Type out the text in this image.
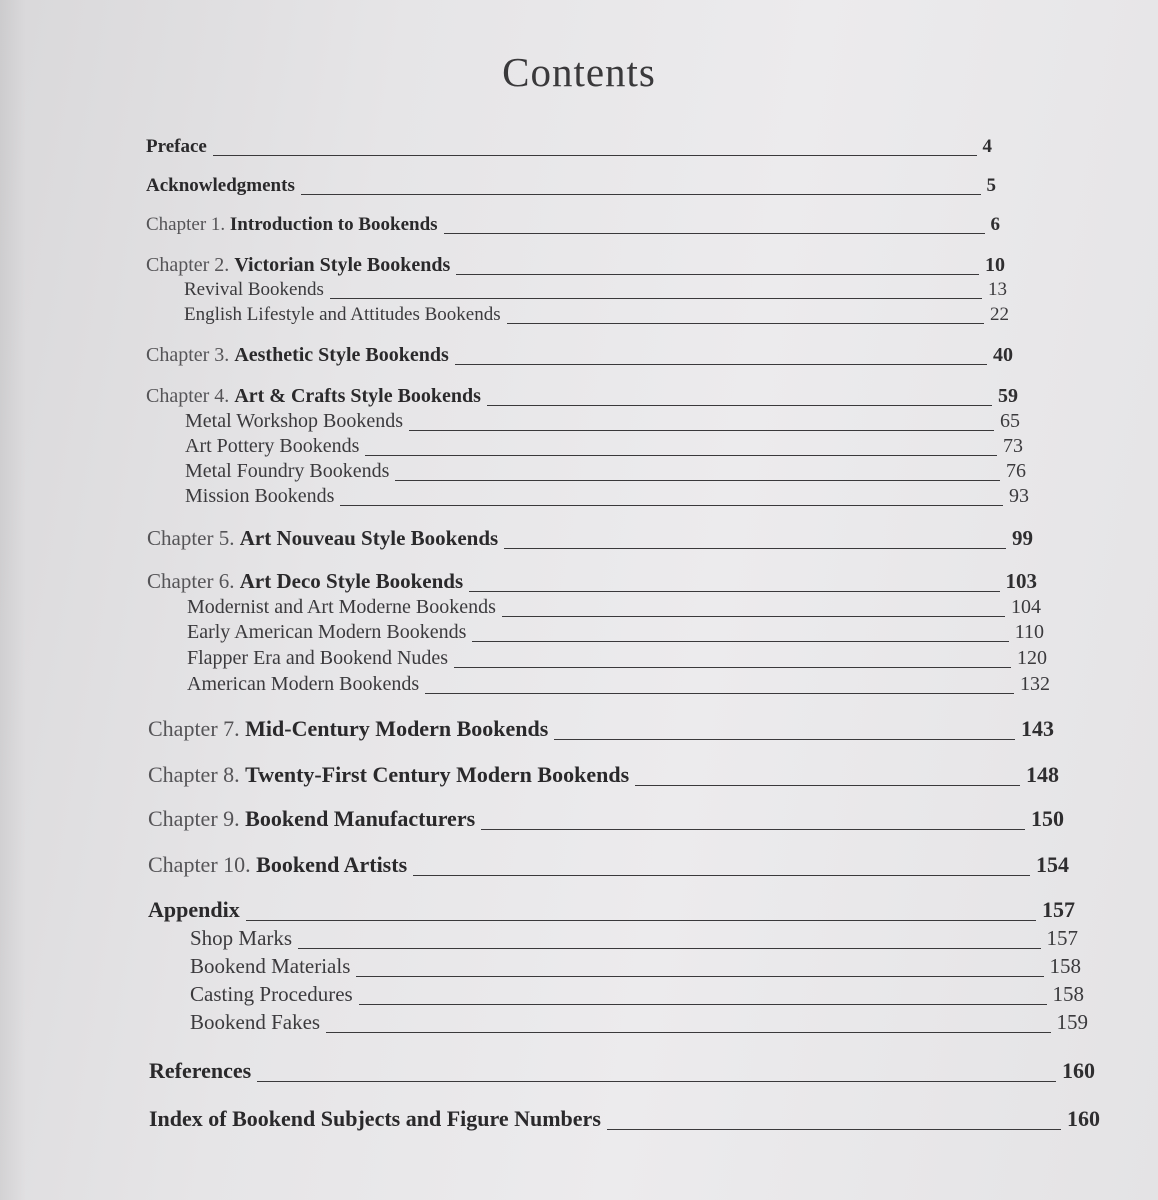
Contents
Preface	4
Acknowledgments	5
Chapter 1. Introduction to Bookends	6
Chapter 2. Victorian Style Bookends	10
Revival Bookends	13
English Lifestyle and Attitudes Bookends	22
Chapter 3. Aesthetic Style Bookends	40
Chapter 4. Art & Crafts Style Bookends	59
Metal Workshop Bookends	65
Art Pottery Bookends	73
Metal Foundry Bookends	76
Mission Bookends	93
Chapter 5. Art Nouveau Style Bookends	99
Chapter 6. Art Deco Style Bookends	103
Modernist and Art Moderne Bookends	104
Early American Modern Bookends	110
Flapper Era and Bookend Nudes	120
American Modern Bookends	132
Chapter 7. Mid-Century Modern Bookends	143
Chapter 8. Twenty-First Century Modern Bookends	148
Chapter 9. Bookend Manufacturers	150
Chapter 10. Bookend Artists	154
Appendix	157
Shop Marks	157
Bookend Materials	158
Casting Procedures	158
Bookend Fakes	159
References	160
Index of Bookend Subjects and Figure Numbers	160
